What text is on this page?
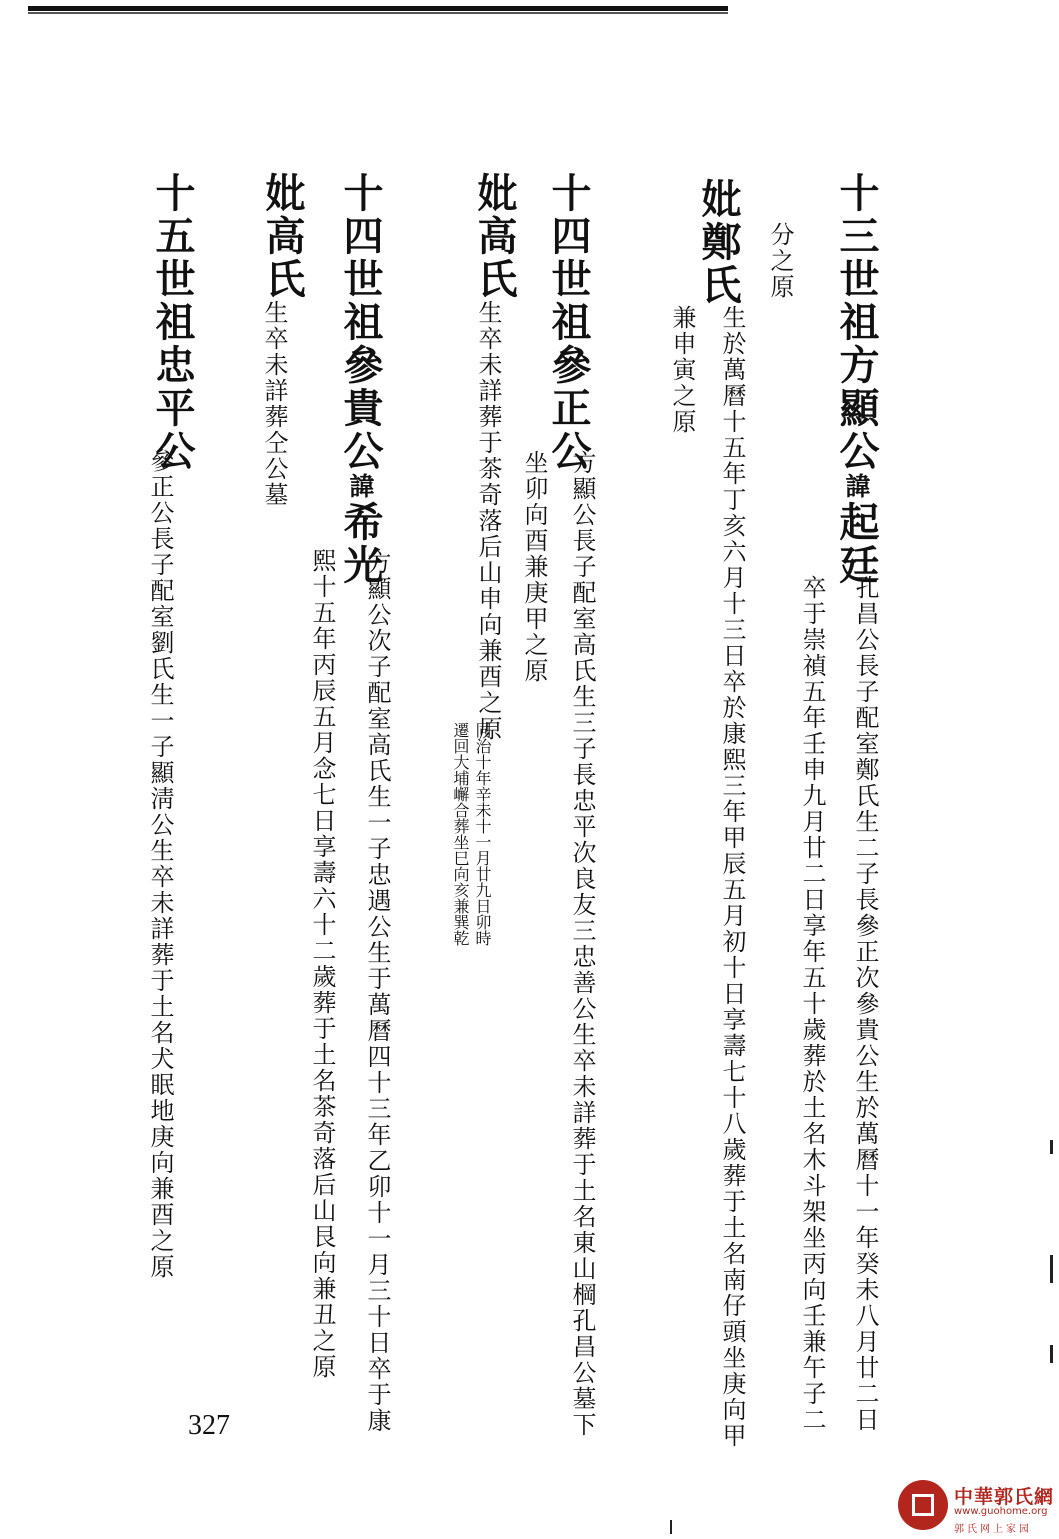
十三世祖方顯公諱起廷
分之原
孔昌公長子配室鄭氏生二子長參正次參貴公生於萬曆十一年癸未八月廿二日
卒于崇禎五年壬申九月廿二日享年五十歲葬於土名木斗架坐丙向壬兼午子二
妣鄭氏
生於萬曆十五年丁亥六月十三日卒於康熙三年甲辰五月初十日享壽七十八歲葬于土名南仔頭坐庚向甲
兼申寅之原
十四世祖參正公
方顯公長子配室高氏生三子長忠平次良友三忠善公生卒未詳葬于土名東山棡孔昌公墓下
坐卯向酉兼庚甲之原
妣高氏
生卒未詳葬于茶奇落后山申向兼酉之原
同治十年辛未十一月廿九日卯時
遷回大埔嶰合葬坐巳向亥兼巽乾
十四世祖參貴公諱希光
方顯公次子配室高氏生一子忠遇公生于萬曆四十三年乙卯十一月三十日卒于康
熙十五年丙辰五月念七日享壽六十二歲葬于土名茶奇落后山艮向兼丑之原
妣高氏
生卒未詳葬仝公墓
十五世祖忠平公
參正公長子配室劉氏生一子顯淸公生卒未詳葬于土名犬眠地庚向兼酉之原
327
中華郭氏網
www.guohome.org
郭氏网上家园
